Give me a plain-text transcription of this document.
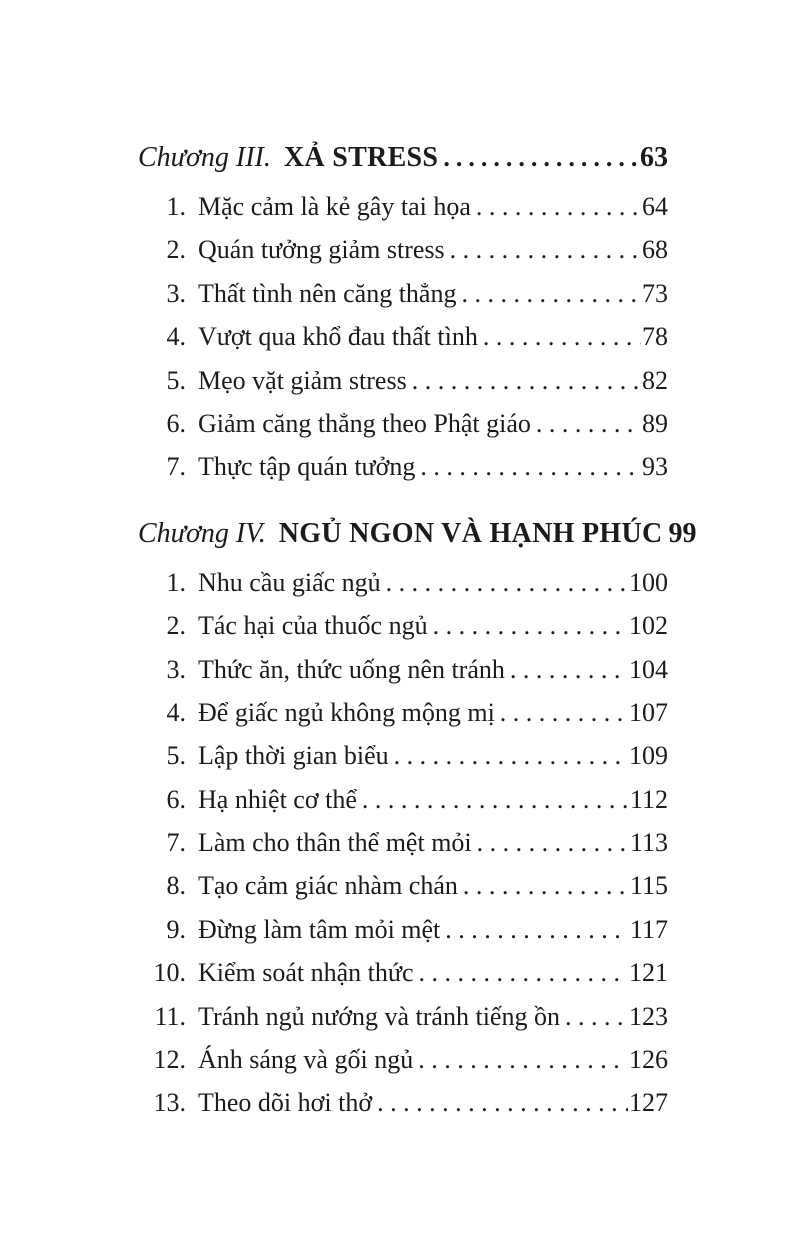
Chương III. XẢ STRESS .....	63
1. Mặc cảm là kẻ gây tai họa .....	64
2. Quán tưởng giảm stress .....	68
3. Thất tình nên căng thẳng .....	73
4. Vượt qua khổ đau thất tình .....	78
5. Mẹo vặt giảm stress .....	82
6. Giảm căng thẳng theo Phật giáo .....	89
7. Thực tập quán tưởng .....	93
Chương IV. NGỦ NGON VÀ HẠNH PHÚC 99
1. Nhu cầu giấc ngủ .....	100
2. Tác hại của thuốc ngủ .....	102
3. Thức ăn, thức uống nên tránh .....	104
4. Để giấc ngủ không mộng mị .....	107
5. Lập thời gian biểu .....	109
6. Hạ nhiệt cơ thể .....	112
7. Làm cho thân thể mệt mỏi .....	113
8. Tạo cảm giác nhàm chán .....	115
9. Đừng làm tâm mỏi mệt .....	117
10. Kiểm soát nhận thức .....	121
11. Tránh ngủ nướng và tránh tiếng ồn .....	123
12. Ánh sáng và gối ngủ .....	126
13. Theo dõi hơi thở .....	127
